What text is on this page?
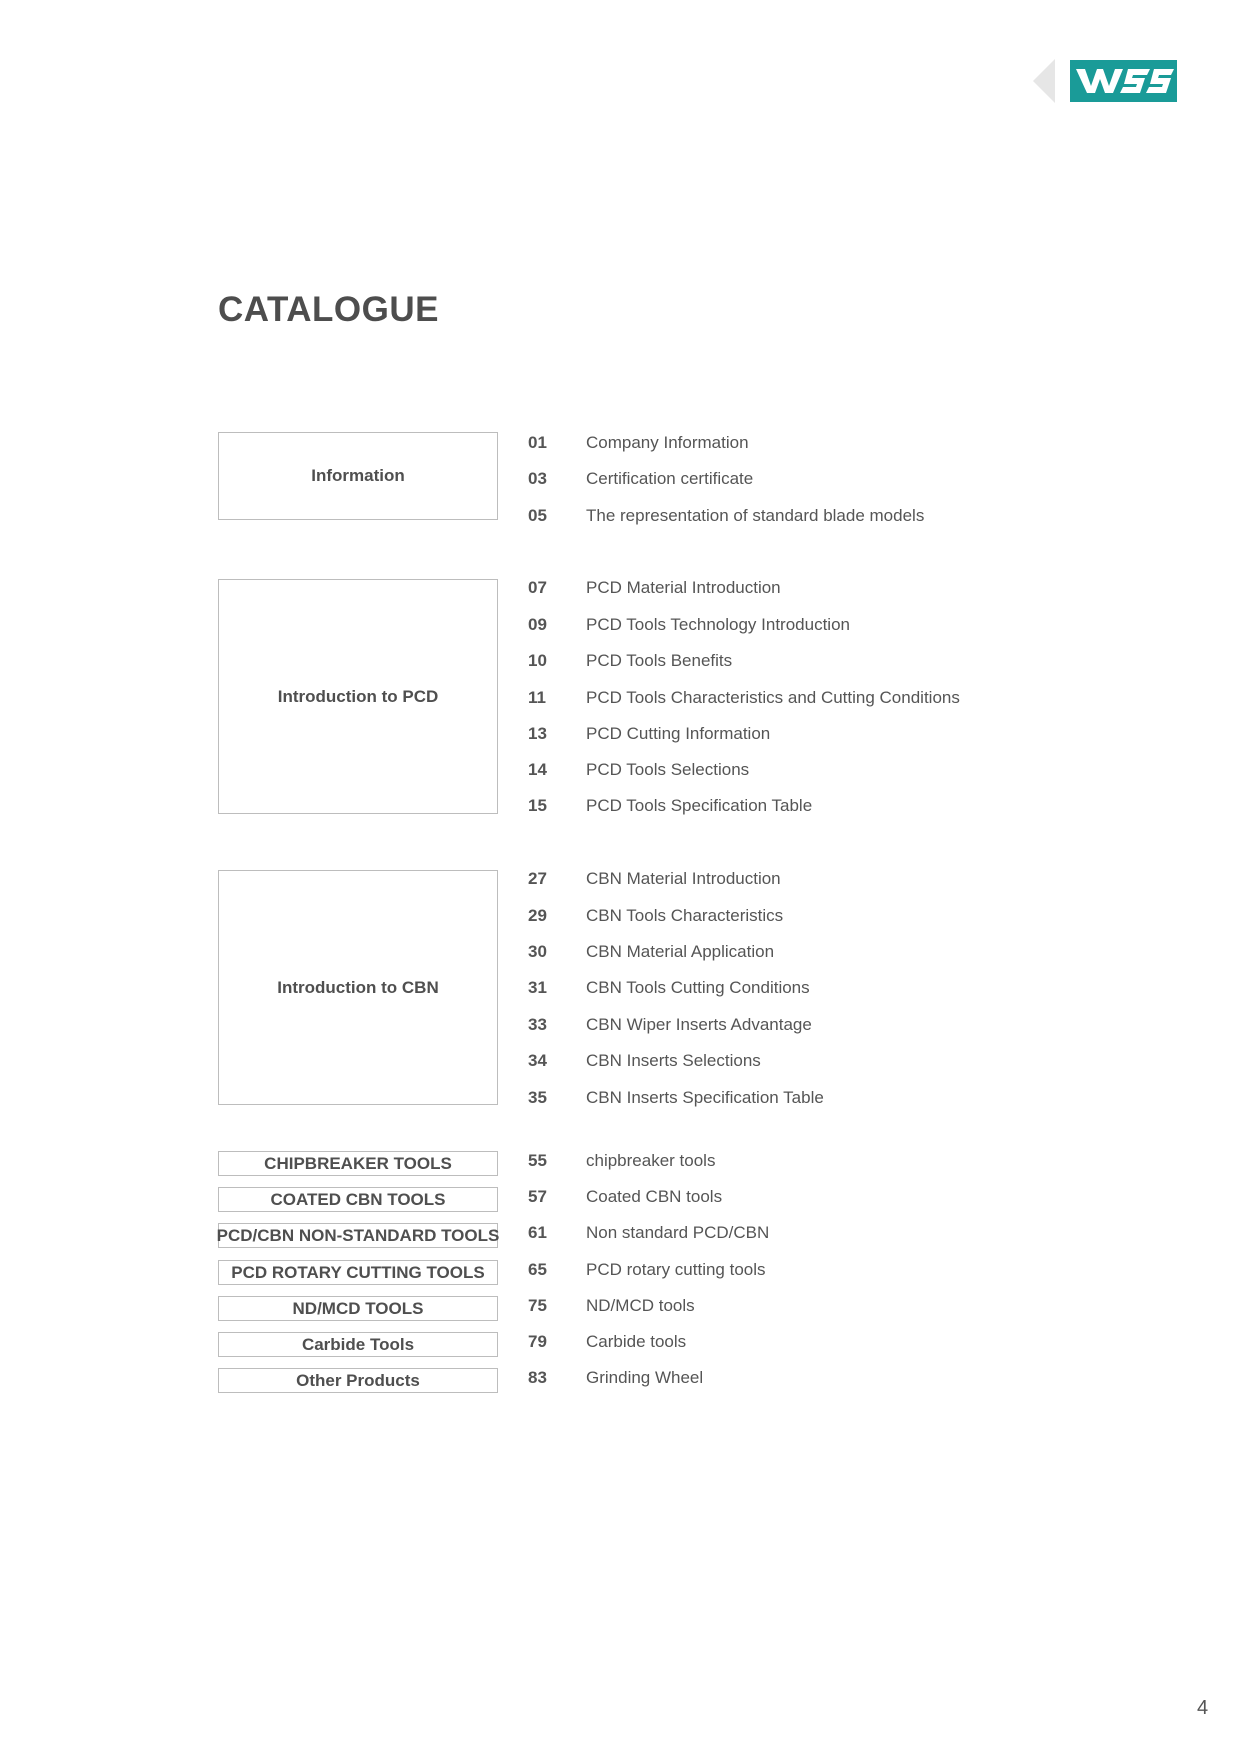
CATALOGUE
Information
01 Company Information
03 Certification certificate
05 The representation of standard blade models
Introduction to PCD
07 PCD Material Introduction
09 PCD Tools Technology Introduction
10 PCD Tools Benefits
11 PCD Tools Characteristics and Cutting Conditions
13 PCD Cutting Information
14 PCD Tools Selections
15 PCD Tools Specification Table
Introduction to CBN
27 CBN Material Introduction
29 CBN Tools Characteristics
30 CBN Material Application
31 CBN Tools Cutting Conditions
33 CBN Wiper Inserts Advantage
34 CBN Inserts Selections
35 CBN Inserts Specification Table
CHIPBREAKER TOOLS	55 chipbreaker tools
COATED CBN TOOLS	57 Coated CBN tools
PCD/CBN NON-STANDARD TOOLS 61 Non standard PCD/CBN
PCD ROTARY CUTTING TOOLS	65 PCD rotary cutting tools
ND/MCD TOOLS	75 ND/MCD tools
Carbide Tools	79 Carbide tools
Other Products	83 Grinding Wheel
4
